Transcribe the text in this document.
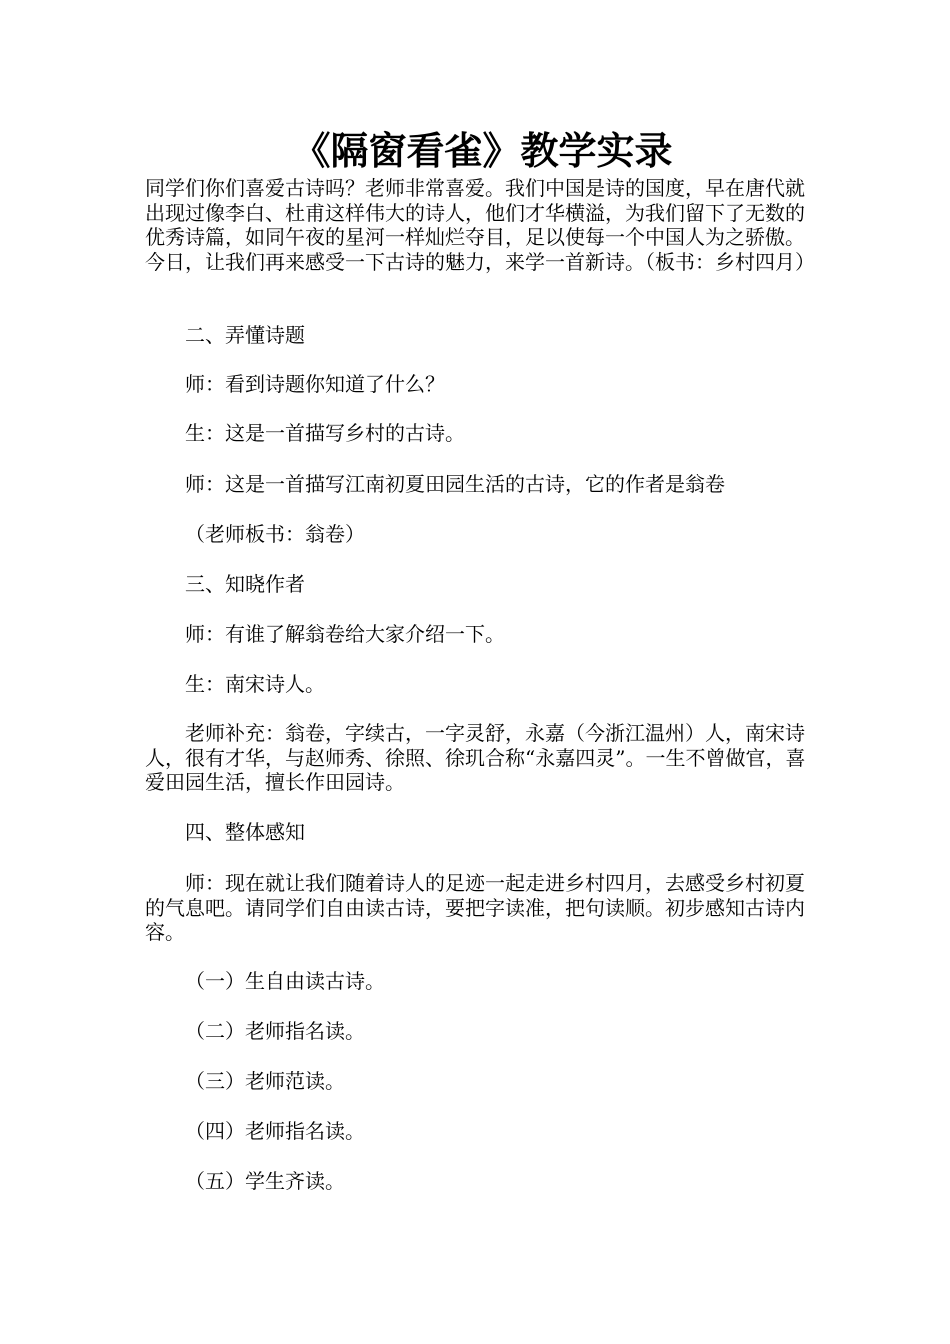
《隔窗看雀》教学实录

同学们你们喜爱古诗吗？老师非常喜爱。我们中国是诗的国度，早在唐代就出现过像李白、杜甫这样伟大的诗人，他们才华横溢，为我们留下了无数的优秀诗篇，如同午夜的星河一样灿烂夺目，足以使每一个中国人为之骄傲。今日，让我们再来感受一下古诗的魅力，来学一首新诗。（板书：乡村四月）

二、弄懂诗题

师：看到诗题你知道了什么？

生：这是一首描写乡村的古诗。

师：这是一首描写江南初夏田园生活的古诗，它的作者是翁卷

（老师板书：翁卷）

三、知晓作者

师：有谁了解翁卷给大家介绍一下。

生：南宋诗人。

老师补充：翁卷，字续古，一字灵舒，永嘉（今浙江温州）人，南宋诗人，很有才华，与赵师秀、徐照、徐玑合称“永嘉四灵”。一生不曾做官，喜爱田园生活，擅长作田园诗。

四、整体感知

师：现在就让我们随着诗人的足迹一起走进乡村四月，去感受乡村初夏的气息吧。请同学们自由读古诗，要把字读准，把句读顺。初步感知古诗内容。

（一）生自由读古诗。

（二）老师指名读。

（三）老师范读。

（四）老师指名读。

（五）学生齐读。
